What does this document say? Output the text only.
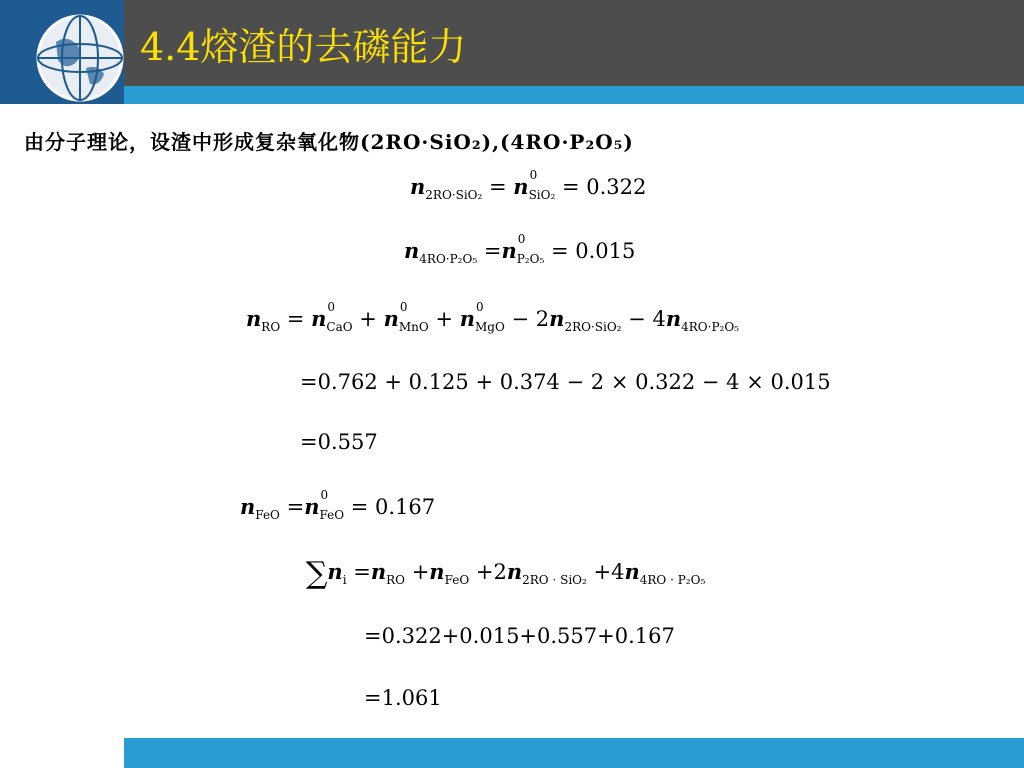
4.4熔渣的去磷能力
由分子理论，设渣中形成复杂氧化物(2RO·SiO₂),(4RO·P₂O₅)
$n_{2RO\cdot SiO_2} = n$ 0
$_{SiO_2}$ = 0.322
$n_{4RO\cdot P_2O_5} =n$ 0
$_{P_2O_5}$ = 0.015
$n_{RO} = n$ 0
$_{CaO}$ + n 0
$_{MnO}$ + n 0
$_{MgO} - 2n_{2RO\cdot SiO_2} - 4n_{4RO\cdot P_2O_5}$
=0.762 + 0.125 + 0.374 − 2 × 0.322 − 4 × 0.015
=0.557
$n_{FeO} =n$ 0
$_{FeO}$ = 0.167
$\sum n_i =n_{RO} +n_{FeO} +2n_{2RO \cdot SiO_2} +4n_{4RO \cdot P_2O_5}$
=0.322+0.015+0.557+0.167
=1.061
